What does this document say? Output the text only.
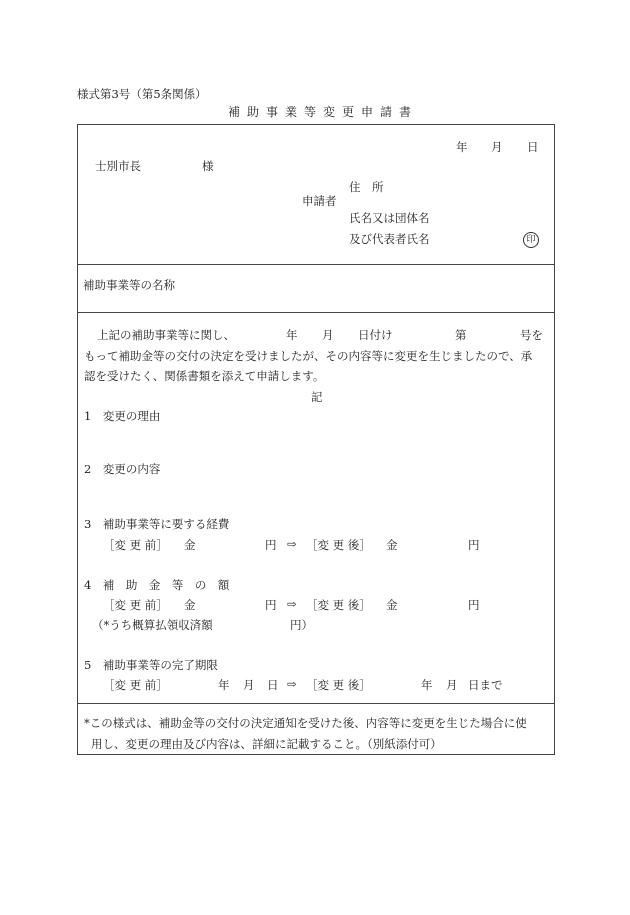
様式第3号（第5条関係）
補助事業等変更申請書
年 月 日
士別市長	様
住　所
申請者
氏名又は団体名
及び代表者氏名	印
補助事業等の名称
上記の補助事業等に関し、	年 月 日付け	第	号を
もって補助金等の交付の決定を受けましたが、その内容等に変更を生じましたので、承
認を受けたく、関係書類を添えて申請します。
記
1　変更の理由
2　変更の内容
3　補助事業等に要する経費
［変 更 前］ 金	円 ⇨ ［変 更 後］ 金	円
4　補　助　金　等　の　額
［変 更 前］ 金	円 ⇨ ［変 更 後］ 金	円
（*うち概算払領収済額	円）
5　補助事業等の完了期限
［変 更 前］	年 月 日 ⇨ ［変 更 後］	年 月 日まで
*この様式は、補助金等の交付の決定通知を受けた後、内容等に変更を生じた場合に使
用し、変更の理由及び内容は、詳細に記載すること。（別紙添付可）
